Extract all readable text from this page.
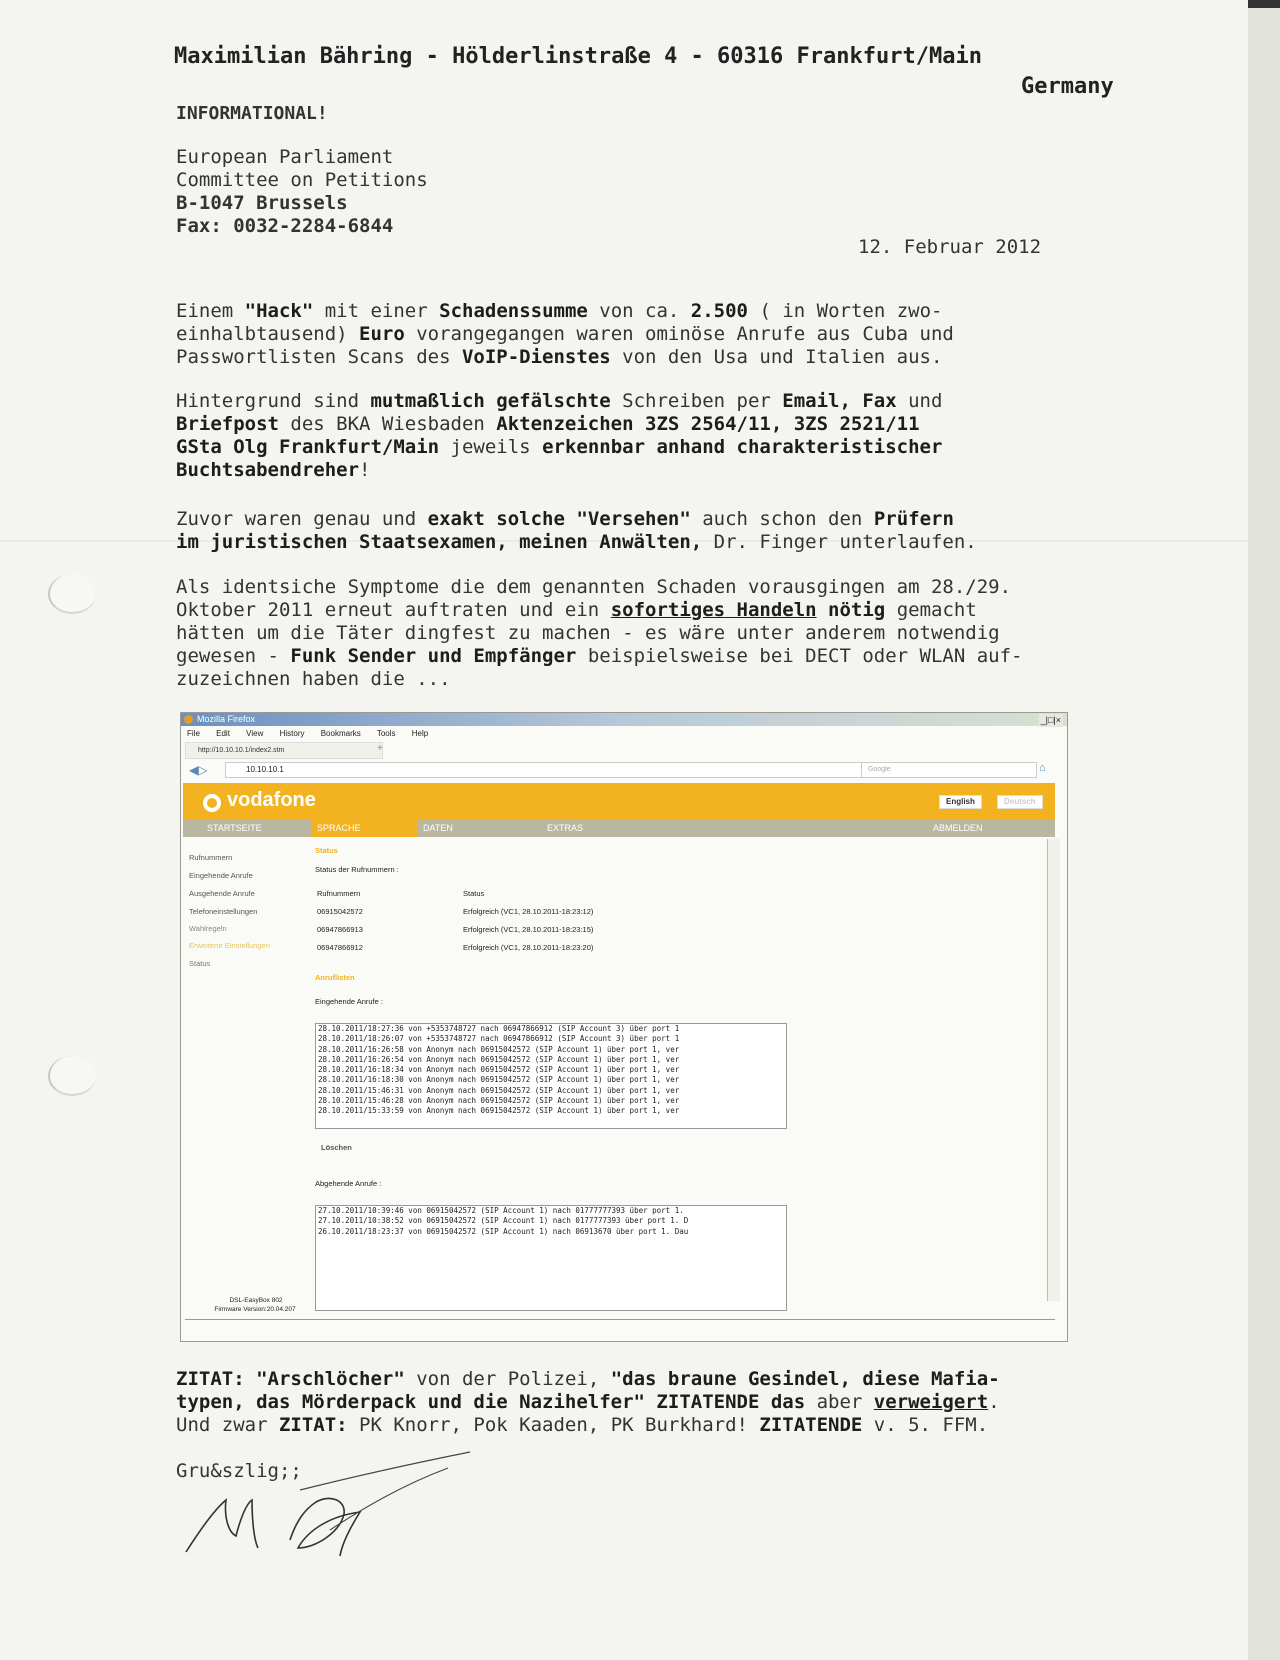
Maximilian Bähring - Hölderlinstraße 4 - 60316 Frankfurt/Main
Germany
INFORMATIONAL!
European Parliament
Committee on Petitions
B-1047 Brussels
Fax: 0032-2284-6844
12. Februar 2012
Einem "Hack" mit einer Schadenssumme von ca. 2.500 ( in Worten zwo-
einhalbtausend) Euro vorangegangen waren ominöse Anrufe aus Cuba und
Passwortlisten Scans des VoIP-Dienstes von den Usa und Italien aus.
Hintergrund sind mutmaßlich gefälschte Schreiben per Email, Fax und
Briefpost des BKA Wiesbaden Aktenzeichen 3ZS 2564/11, 3ZS 2521/11
GSta Olg Frankfurt/Main jeweils erkennbar anhand charakteristischer
Buchtsabendreher!
Zuvor waren genau und exakt solche "Versehen" auch schon den Prüfern
im juristischen Staatsexamen, meinen Anwälten, Dr. Finger unterlaufen.
Als identsiche Symptome die dem genannten Schaden vorausgingen am 28./29.
Oktober 2011 erneut auftraten und ein sofortiges Handeln nötig gemacht
hätten um die Täter dingfest zu machen - es wäre unter anderem notwendig
gewesen - Funk Sender und Empfänger beispielsweise bei DECT oder WLAN auf-
zuzeichnen haben die ...
ZITAT: "Arschlöcher" von der Polizei, "das braune Gesindel, diese Mafia-
typen, das Mörderpack und die Nazihelfer" ZITATENDE das aber verweigert.
Und zwar ZITAT: PK Knorr, Pok Kaaden, PK Burkhard! ZITATENDE v. 5. FFM.
Gru&szlig;;
Mozilla Firefox	_|□|×
File Edit View History Bookmarks Tools Help
http://10.10.10.1/index2.stm	+
◀▷	10.10.10.1	Google	⌂
vodafone	English	Deutsch
STARTSEITE	SPRACHE	DATEN	EXTRAS	ABMELDEN
Rufnummern
Eingehende Anrufe
Ausgehende Anrufe
Telefoneinstellungen
Wahlregeln
Erweiterte Einstellungen
Status
Status
Status der Rufnummern :
Rufnummern	Status
06915042572	Erfolgreich (VC1, 28.10.2011-18:23:12)
06947866913	Erfolgreich (VC1, 28.10.2011-18:23:15)
06947866912	Erfolgreich (VC1, 28.10.2011-18:23:20)
Anruflisten
Eingehende Anrufe :
28.10.2011/18:27:36 von +5353748727 nach 06947866912 (SIP Account 3) über port 1
28.10.2011/18:26:07 von +5353748727 nach 06947866912 (SIP Account 3) über port 1
28.10.2011/16:26:58 von Anonym nach 06915042572 (SIP Account 1) über port 1, ver
28.10.2011/16:26:54 von Anonym nach 06915042572 (SIP Account 1) über port 1, ver
28.10.2011/16:18:34 von Anonym nach 06915042572 (SIP Account 1) über port 1, ver
28.10.2011/16:18:30 von Anonym nach 06915042572 (SIP Account 1) über port 1, ver
28.10.2011/15:46:31 von Anonym nach 06915042572 (SIP Account 1) über port 1, ver
28.10.2011/15:46:28 von Anonym nach 06915042572 (SIP Account 1) über port 1, ver
28.10.2011/15:33:59 von Anonym nach 06915042572 (SIP Account 1) über port 1, ver
Löschen
Abgehende Anrufe :
27.10.2011/10:39:46 von 06915042572 (SIP Account 1) nach 01777777393 über port 1.
27.10.2011/10:38:52 von 06915042572 (SIP Account 1) nach 0177777393 über port 1. D
26.10.2011/18:23:37 von 06915042572 (SIP Account 1) nach 06913670 über port 1. Dau
DSL-EasyBox 802
Firmware Version:20.04.207
